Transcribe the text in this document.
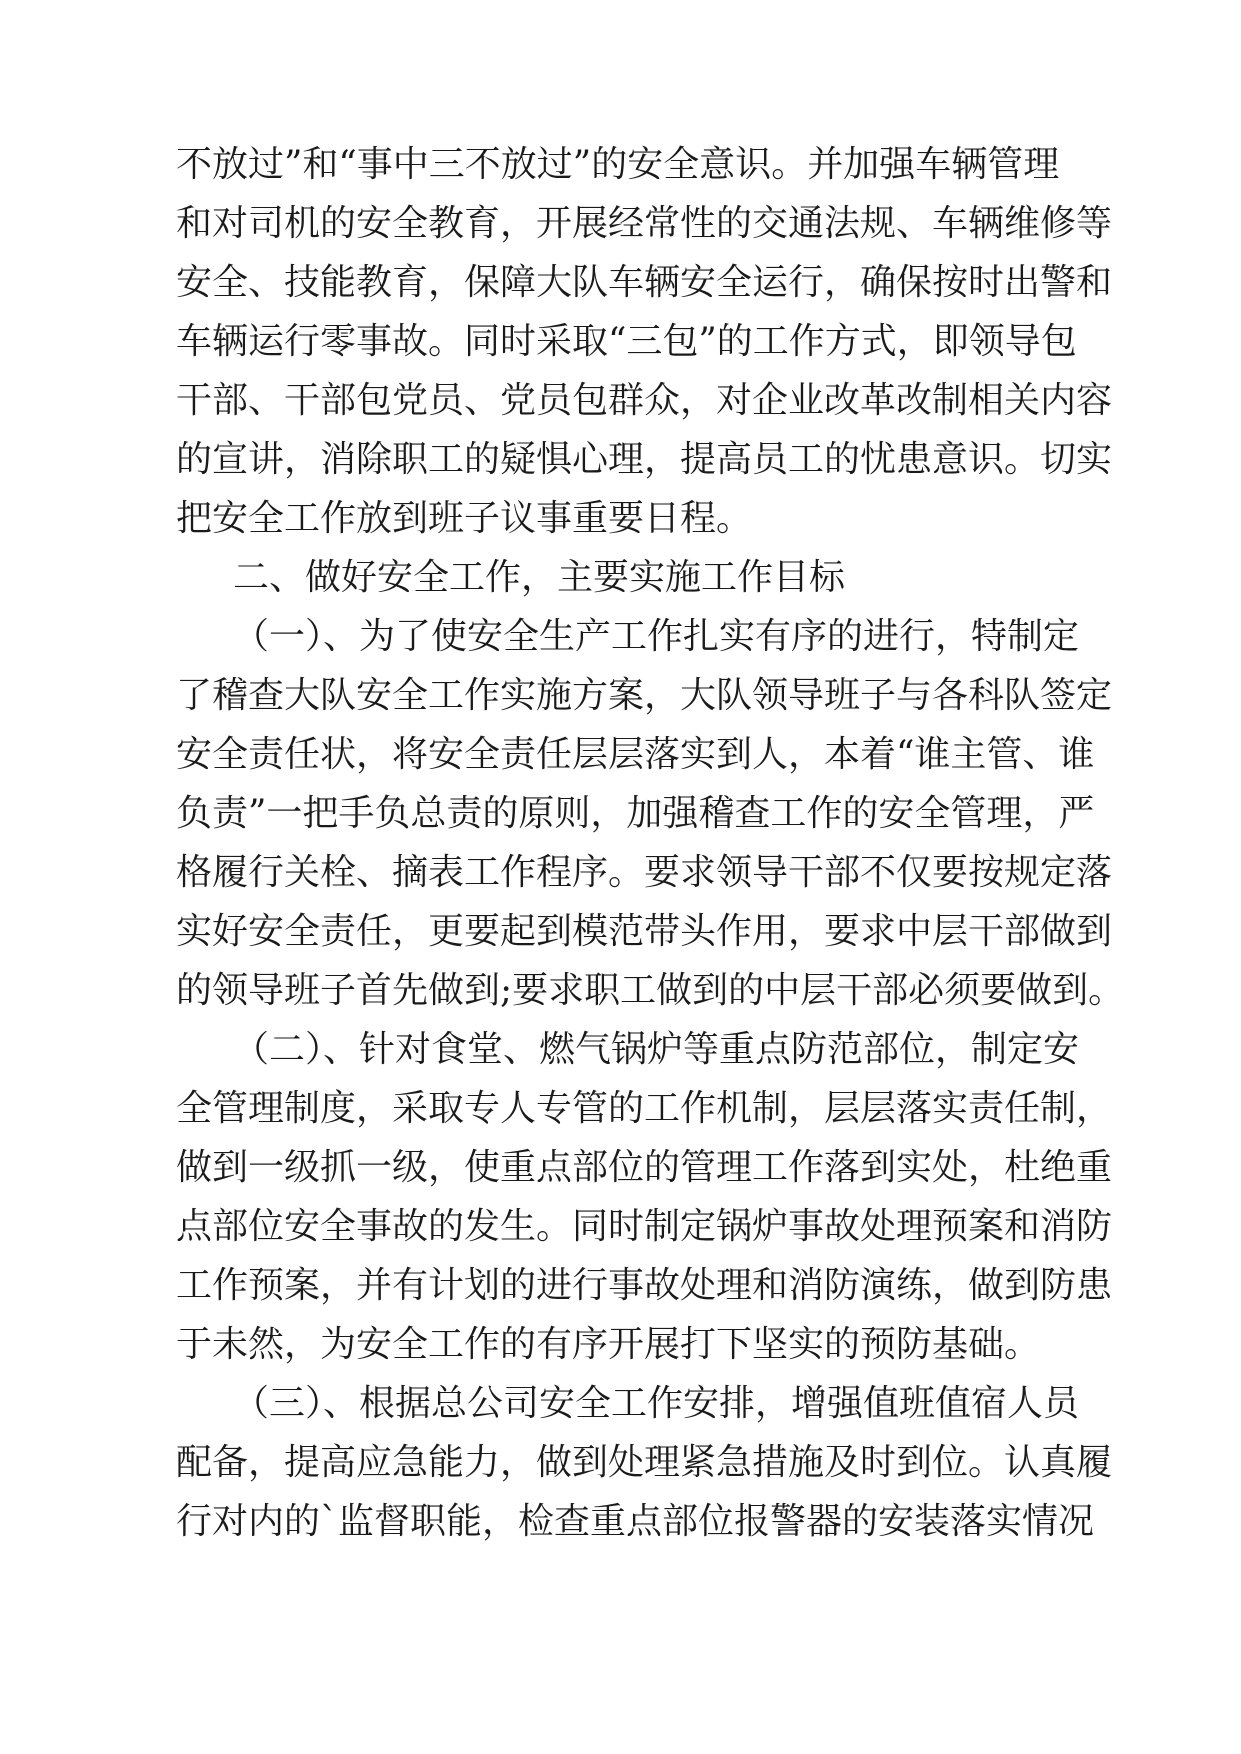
不放过”和“事中三不放过”的安全意识。并加强车辆管理
和对司机的安全教育，开展经常性的交通法规、车辆维修等
安全、技能教育，保障大队车辆安全运行，确保按时出警和
车辆运行零事故。同时采取“三包”的工作方式，即领导包
干部、干部包党员、党员包群众，对企业改革改制相关内容
的宣讲，消除职工的疑惧心理，提高员工的忧患意识。切实
把安全工作放到班子议事重要日程。
二、做好安全工作，主要实施工作目标
（一）、为了使安全生产工作扎实有序的进行，特制定
了稽查大队安全工作实施方案，大队领导班子与各科队签定
安全责任状，将安全责任层层落实到人，本着“谁主管、谁
负责”一把手负总责的原则，加强稽查工作的安全管理，严
格履行关栓、摘表工作程序。要求领导干部不仅要按规定落
实好安全责任，更要起到模范带头作用，要求中层干部做到
的领导班子首先做到;要求职工做到的中层干部必须要做到。
（二）、针对食堂、燃气锅炉等重点防范部位，制定安
全管理制度，采取专人专管的工作机制，层层落实责任制，
做到一级抓一级，使重点部位的管理工作落到实处，杜绝重
点部位安全事故的发生。同时制定锅炉事故处理预案和消防
工作预案，并有计划的进行事故处理和消防演练，做到防患
于未然，为安全工作的有序开展打下坚实的预防基础。
（三）、根据总公司安全工作安排，增强值班值宿人员
配备，提高应急能力，做到处理紧急措施及时到位。认真履
行对内的`监督职能，检查重点部位报警器的安装落实情况
